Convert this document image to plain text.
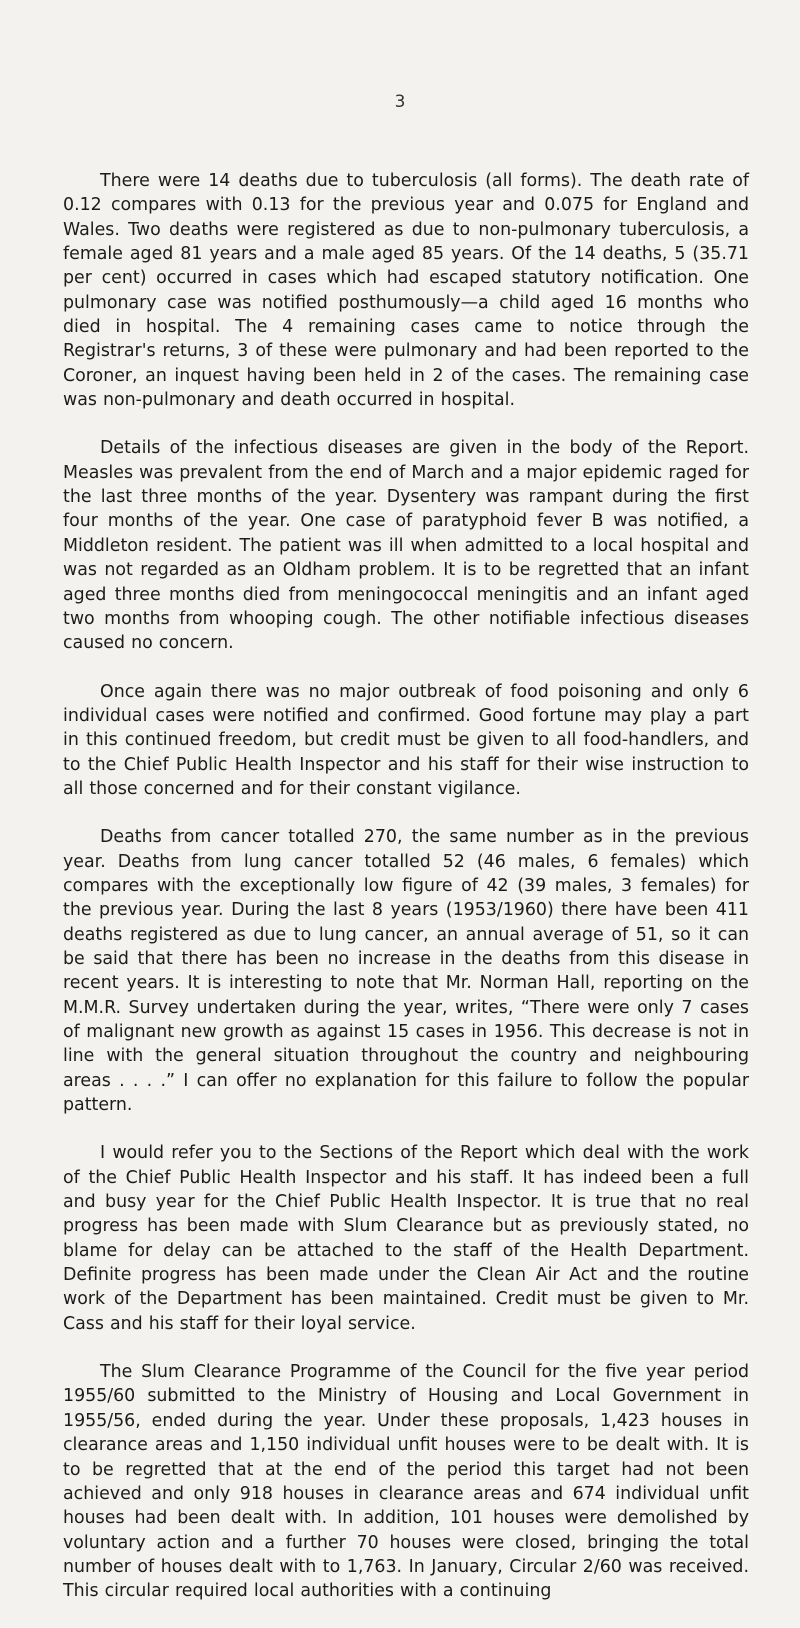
3

There were 14 deaths due to tuberculosis (all forms). The death rate of 0.12 compares with 0.13 for the previous year and 0.075 for England and Wales. Two deaths were registered as due to non-pulmonary tuberculosis, a female aged 81 years and a male aged 85 years. Of the 14 deaths, 5 (35.71 per cent) occurred in cases which had escaped statutory notification. One pulmonary case was notified posthumously—a child aged 16 months who died in hospital. The 4 remaining cases came to notice through the Registrar's returns, 3 of these were pulmonary and had been reported to the Coroner, an inquest having been held in 2 of the cases. The remaining case was non-pulmonary and death occurred in hospital.

Details of the infectious diseases are given in the body of the Report. Measles was prevalent from the end of March and a major epidemic raged for the last three months of the year. Dysentery was rampant during the first four months of the year. One case of paratyphoid fever B was notified, a Middleton resident. The patient was ill when admitted to a local hospital and was not regarded as an Oldham problem. It is to be regretted that an infant aged three months died from meningococcal meningitis and an infant aged two months from whooping cough. The other notifiable infectious diseases caused no concern.

Once again there was no major outbreak of food poisoning and only 6 individual cases were notified and confirmed. Good fortune may play a part in this continued freedom, but credit must be given to all food-handlers, and to the Chief Public Health Inspector and his staff for their wise instruction to all those concerned and for their constant vigilance.

Deaths from cancer totalled 270, the same number as in the previous year. Deaths from lung cancer totalled 52 (46 males, 6 females) which compares with the exceptionally low figure of 42 (39 males, 3 females) for the previous year. During the last 8 years (1953/1960) there have been 411 deaths registered as due to lung cancer, an annual average of 51, so it can be said that there has been no increase in the deaths from this disease in recent years. It is interesting to note that Mr. Norman Hall, reporting on the M.M.R. Survey undertaken during the year, writes, “There were only 7 cases of malignant new growth as against 15 cases in 1956. This decrease is not in line with the general situation throughout the country and neighbouring areas . . . .” I can offer no explanation for this failure to follow the popular pattern.

I would refer you to the Sections of the Report which deal with the work of the Chief Public Health Inspector and his staff. It has indeed been a full and busy year for the Chief Public Health Inspector. It is true that no real progress has been made with Slum Clearance but as previously stated, no blame for delay can be attached to the staff of the Health Department. Definite progress has been made under the Clean Air Act and the routine work of the Department has been maintained. Credit must be given to Mr. Cass and his staff for their loyal service.

The Slum Clearance Programme of the Council for the five year period 1955/60 submitted to the Ministry of Housing and Local Government in 1955/56, ended during the year. Under these proposals, 1,423 houses in clearance areas and 1,150 individual unfit houses were to be dealt with. It is to be regretted that at the end of the period this target had not been achieved and only 918 houses in clearance areas and 674 individual unfit houses had been dealt with. In addition, 101 houses were demolished by voluntary action and a further 70 houses were closed, bringing the total number of houses dealt with to 1,763. In January, Circular 2/60 was received. This circular required local authorities with a continuing
